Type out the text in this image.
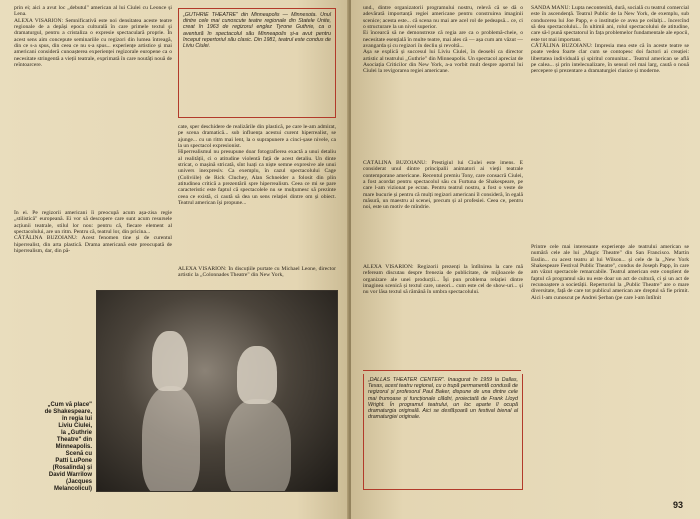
prin ei; aici a avut loc „debutul" american al lui Ciulei cu Leonce și Lena.
ALEXA VISARION: Semnificativă este noi densitatea aceste teatre regionale de a depăși epoca culturală în care primele textul și dramaturgul, pentru a cristaliza o expresie spectaculară proprie. În acest sens aim concepute seminariile cu regizori din lumea întreagă, din ce s-a spus, din ceea ce nu s-a spus... experiențe artistice și mai americani consideră cunoașterea experienței regizorale europene ca o necesitate stringentă a vieții teatrale, exprimată în care noutăți nouă de reîntoarcere.
În ei. Pe regizorii americani îi preocupă acum așa-zisa regie „stilistică" europeană. Ei vor să descopere care sunt acum resursele acțiunii teatrale, stilul lor nou: pentru că, fiecare element al spectacolului, are un ritm. Pentru că, teatrul lor, din pricina...
CĂTĂLINA BUZOIANU: Acest fenomen tine și de curentul hiperrealist, din arta plastică. Drama americană este preocupată de hiperrealism, dar, din pă-
„GUTHRIE THEATRE" din Minneapolis — Minnesota. Unul dintre cele mai cunoscute teatre regionale din Statele Unite, creat în 1963 de regizorul englez Tyrone Guthrie, ca o aventură în spectacolul său Minneapolis și-a avut pentru început repertoriul său clasic. Din 1981, teatrul este condus de Liviu Ciulei.
cate, sper deschidere de realizările din plastică, pe care le-am admirat, pe scena dramatică... sub influența acestui curent hiperrealist, se ajunge... cu un ritm mai lent, la o suprapunere a cinci-șase nivele, ca la un spectacol expresionist.
Hiperrealismul nu presupune doar fotografierea exactă a unui detaliu al realității, ci o atitudine violentă față de acest detaliu. Un dinte stricat, o mașină stricată, sînt luați ca niște semne expresive ale unui univers inexpresiv. Ca exemplu, în cazul spectacolului Cage (Coliviile) de Rick Cluchey, Alan Schneider a folosit din plin atitudinea critică a prezentării spre hiperrealism. Ceea ce mi se pare caracteristic este faptul că spectacolele nu se mulțumesc să prezinte ceea ce există, ci caută să dea un sens relației dintre om și obiect. Teatrul american își propune...
ALEXA VISARION: În discuțiile purtate cu Michael Leone, director artistic la „Colonnades Theatre" din New York,
„Cum vă place"
de Shakespeare,
în regia lui
Liviu Ciulei,
la „Guthrie
Theatre" din
Minneapolis.
Scenă cu
Patti LuPone
(Rosalinda) și
David Warrilow
(Jacques
Melancolicul)
und., dintre organizatorii programului nostru, relevă că se dă o adevărată importanță regiei americane pentru construirea imaginii scenice; acesta este... că scena nu mai are acel rol de pedeapsă... ce, ci o structurare la un nivel superior.
Ei încearcă să ne demonstreze că regia are ca o problemă-cheie, o necesitate esențială în multe teatre, mai ales că — așa cum am văzut — avangarda și cu regizori în decliu și revoltă...
Așa se explică și succesul lui Liviu Ciulei, în deosebi ca director artistic al teatrului „Guthrie" din Minneapolis. Un spectacol apreciat de Asociația Criticilor din New York, a-a vorbit mult despre aportul lui Ciulei la revigorarea regiei americane.
CĂTĂLINA BUZOIANU: Prestigiul lui Ciulei este imens. E considerat unul dintre principalii animatori ai vieții teatrale contemporane americane. Recentul premiu Tony, care consacră Ciulei, a fost acordat pentru spectacolul său cu Furtuna de Shakespeare, pe care l-am vizionat pe ecran. Pentru teatrul nostru, a fost o veste de mare bucurie și pentru că mulți regizori americani îl consideră, în egală măsură, un maestru al scenei, precum și al profesiei. Ceea ce, pentru noi, este un motiv de mîndrie.
ALEXA VISARION: Regizorii prezenți la întîlnirea la care mă refeream discutau despre frenezia de publicitate, de mijloacele de organizare ale unei producții... Își pun problema relației dintre imaginea scenică și textul care, uneori... cum este cel de show-uri... și nu vor lăsa textul să rămână în umbra spectacolului.
„DALLAS THEATER CENTER". Inaugurat în 1959 la Dallas, Texas, acest teatru regional, cu o trupă permanentă condusă de regizorul și profesorul Paul Baker, dispune de una dintre cele mai frumoase și funcționale clădiri, proiectată de Frank Lloyd Wright. În programul teatrului, un loc aparte îl ocupă dramaturgia originală. Aici se desfășoară un festival bienal al dramaturgiei originale.
SANDA MANU: Lupta necontenită, dură, socială cu teatrul comercial este în ascendență. Teatrul Public de la New York, de exemplu, sub conducerea lui Joe Papp, e o instituție ce avea pe ceilalți... încercînd să dea spectacolului... În ultimii ani, rolul spectacolului de atitudine, care să-l pună spectatorul în fața problemelor fundamentale ale epocii, este tot mai important.
CĂTĂLINA BUZOIANU: Impresia mea este că în aceste teatre se poate vedea foarte clar cum se contopesc doi factori ai creației: libertatea individuală și spiritul comunitar... Teatrul american se află pe calea... și prin intelecualizare, în sensul cel mai larg, caută o nouă percepere și prezentare a dramaturgiei clasice și moderne.
Printre cele mai interesante experiențe ale teatrului american se numără cele ale lui „Magic Theatre" din San Francisco. Martin Esslin... cu acest teatru al lui Wilson... și cele de la „New York Shakespeare Festival Public Theatre", condus de Joseph Papp, în care am văzut spectacole remarcabile. Teatrul american este conștient de faptul că programul său nu este doar un act de cultură, ci și un act de recunoaștere a societății. Repertoriul la „Public Theatre" are o mare diversitate, față de care tot publicul american are dreptul să fie primit. Aici l-am cunoscut pe Andrei Șerban (pe care l-am întîlnit
93
